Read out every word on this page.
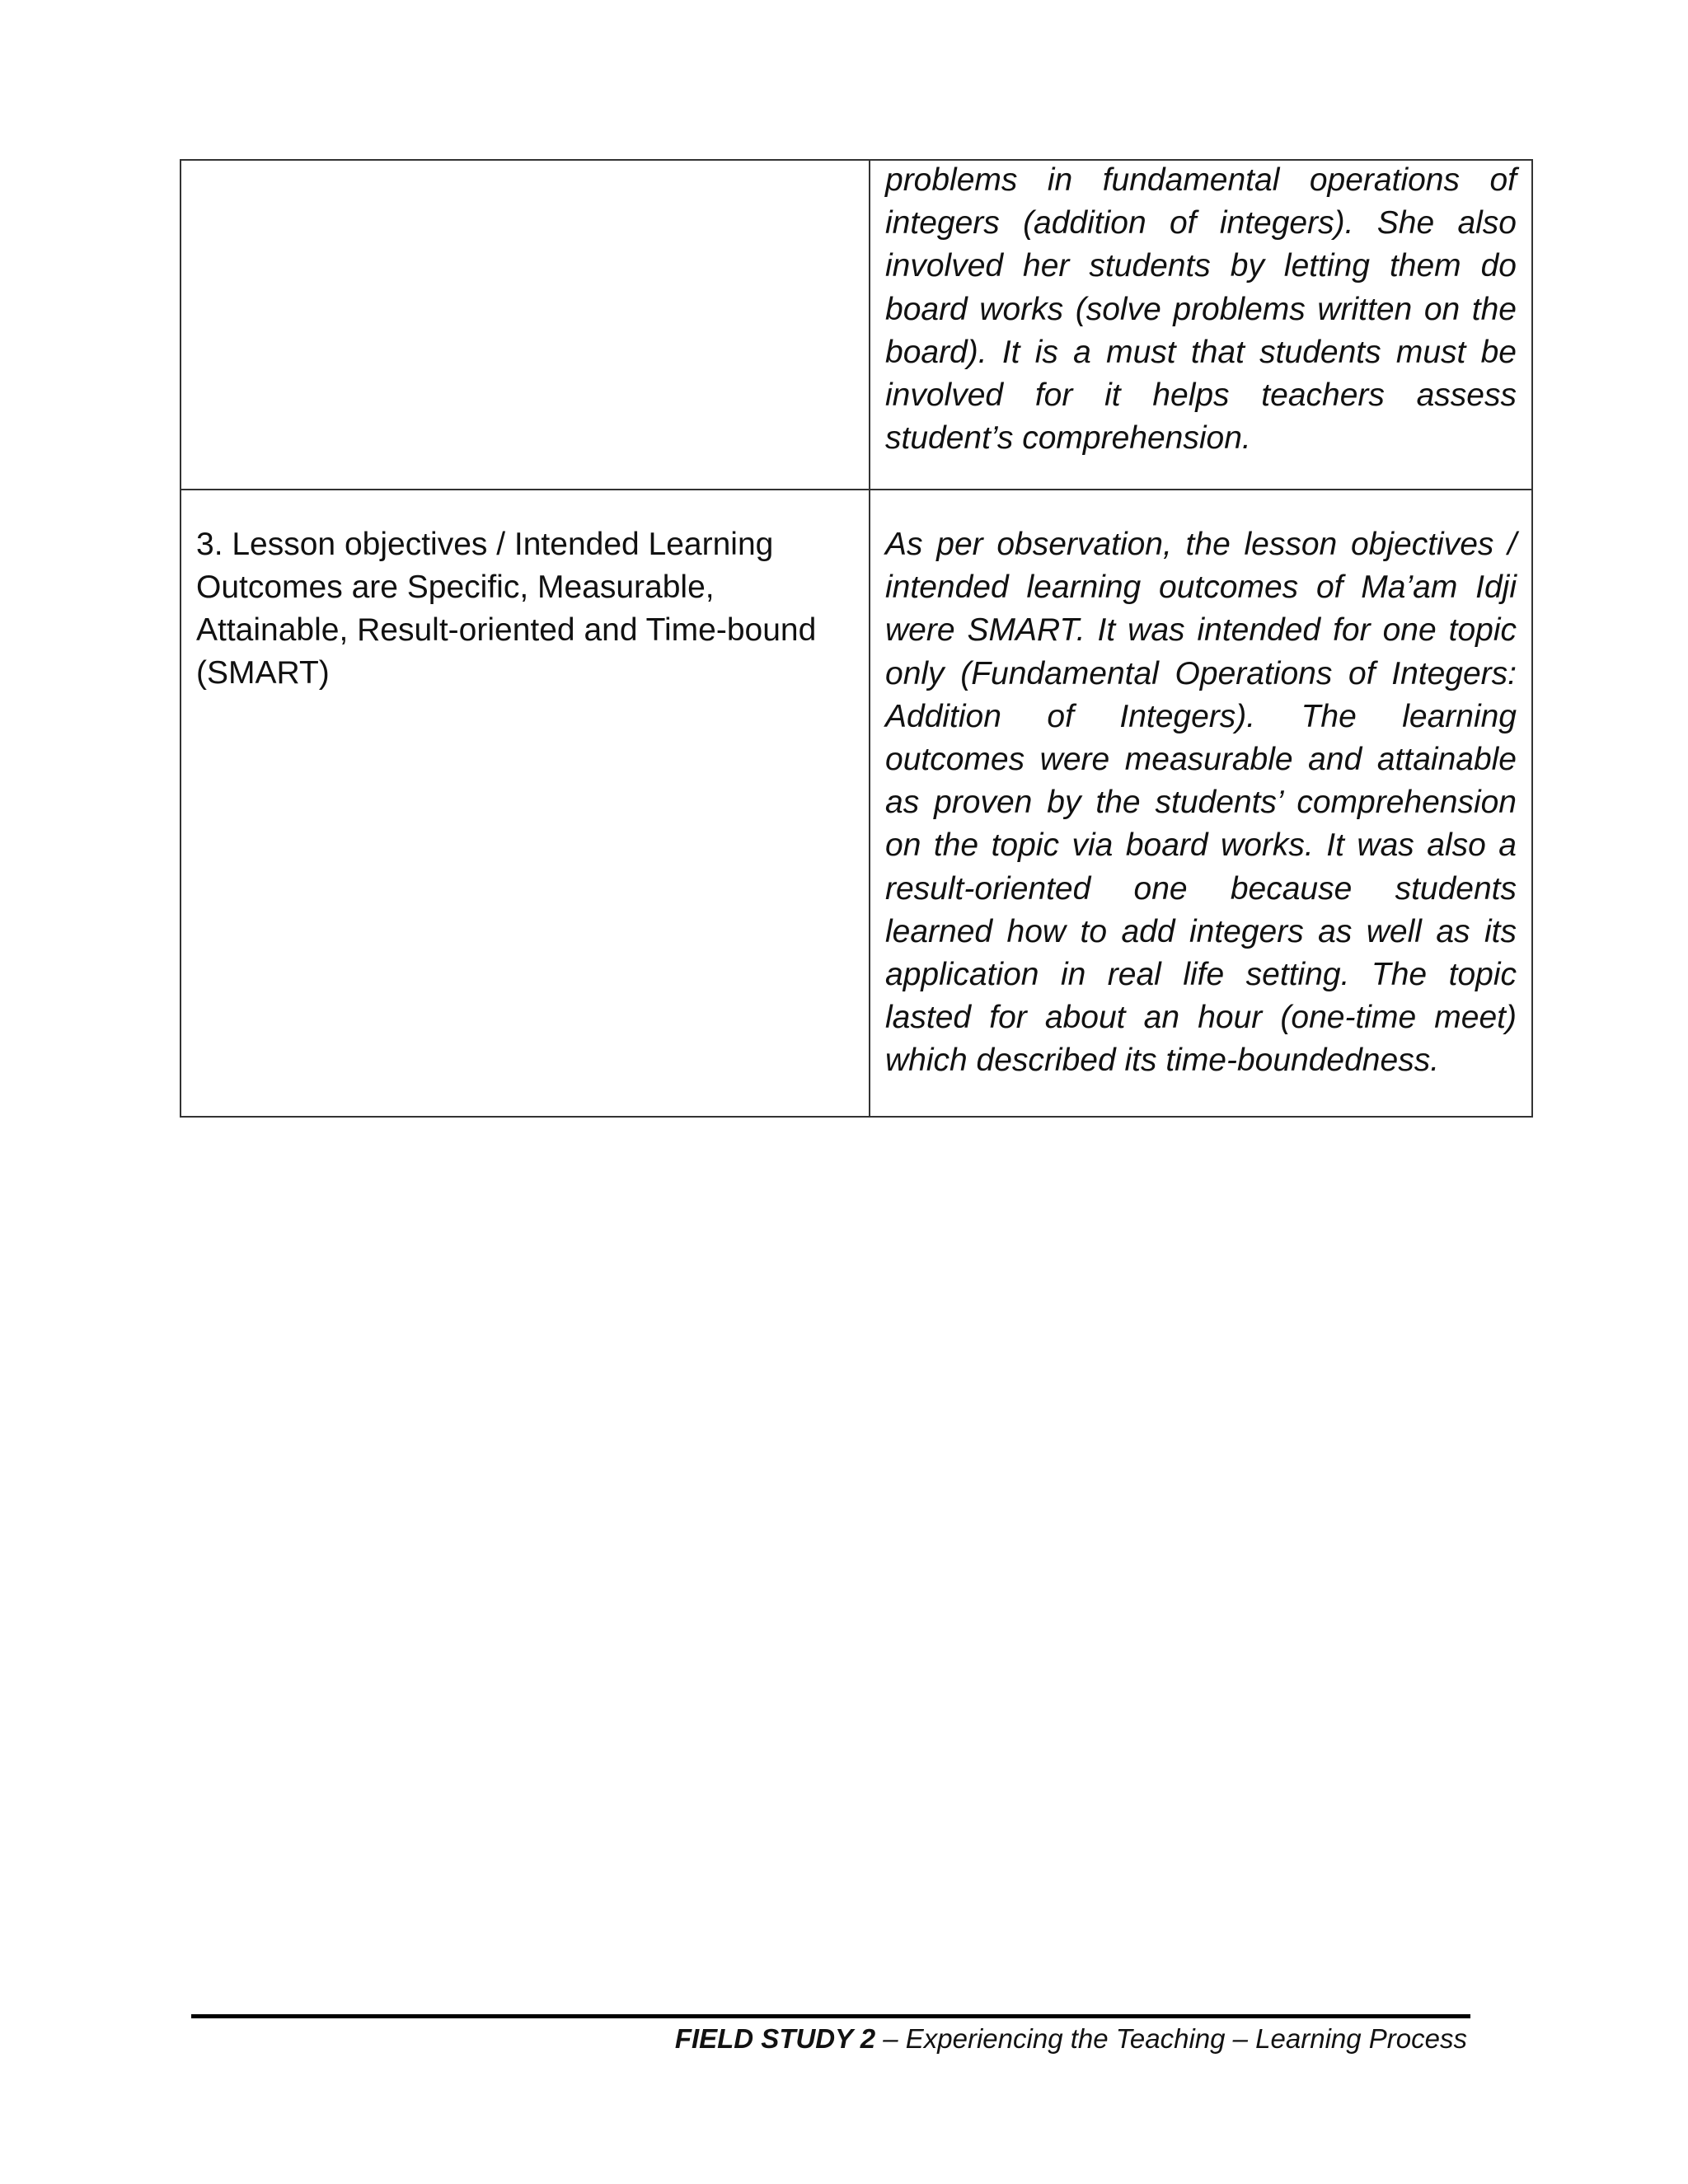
	problems in fundamental operations of integers (addition of integers). She also involved her students by letting them do board works (solve problems written on the board). It is a must that students must be involved for it helps teachers assess student’s comprehension.

3. Lesson objectives / Intended Learning Outcomes are Specific, Measurable, Attainable, Result-oriented and Time-bound (SMART)	As per observation, the lesson objectives / intended learning outcomes of Ma’am Idji were SMART. It was intended for one topic only (Fundamental Operations of Integers: Addition of Integers). The learning outcomes were measurable and attainable as proven by the students’ comprehension on the topic via board works. It was also a result-oriented one because students learned how to add integers as well as its application in real life setting. The topic lasted for about an hour (one-time meet) which described its time-boundedness.
FIELD STUDY 2 – Experiencing the Teaching – Learning Process
